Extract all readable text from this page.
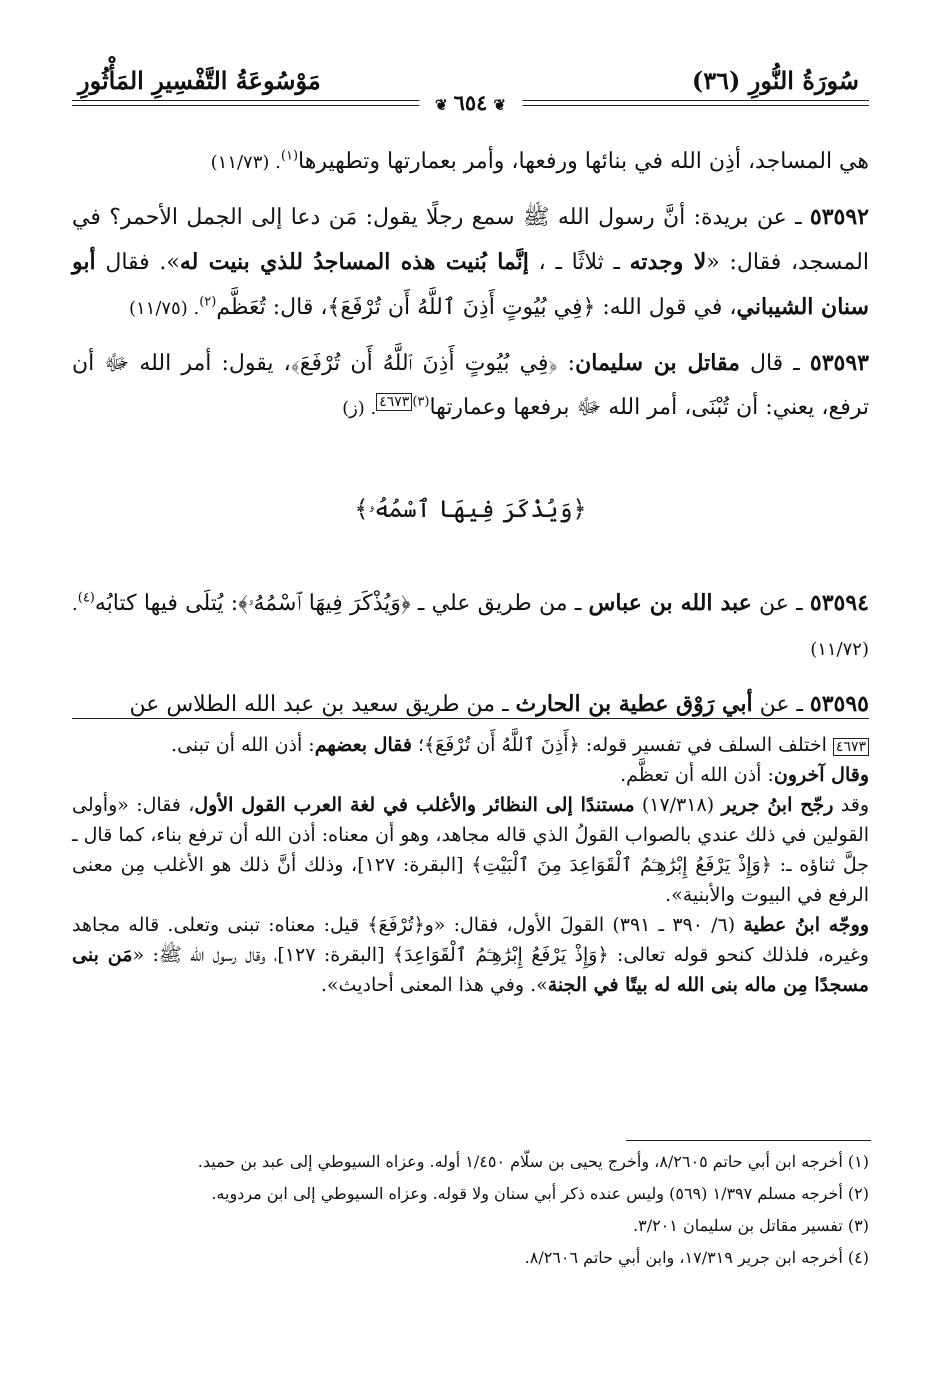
سُورَةُ النُّورِ (٣٦)
مَوْسُوعَةُ التَّفْسِيرِ المَأْثُورِ
❦٦٥٤❦

هي المساجد، أذِن الله في بنائها ورفعها، وأمر بعمارتها وتطهيرها$^{(١)}$. (١١/٧٣)

٥٣٥٩٢ ـ عن بريدة: أنَّ رسول الله ﷺ سمع رجلًا يقول: مَن دعا إلى الجمل الأحمر؟ في المسجد، فقال: «لا وجدته ـ ثلاثًا ـ ، إنَّما بُنيت هذه المساجدُ للذي بنيت له». فقال أبو سنان الشيباني، في قول الله: ﴿فِي بُيُوتٍ أَذِنَ ٱللَّهُ أَن تُرْفَعَ﴾، قال: تُعَظَّم$^{(٢)}$. (١١/٧٥)

٥٣٥٩٣ ـ قال مقاتل بن سليمان: ﴿فِي بُيُوتٍ أَذِنَ ٱللَّهُ أَن تُرْفَعَ﴾، يقول: أمر الله ﷻ أن ترفع، يعني: أن تُبْنَى، أمر الله ﷻ برفعها وعمارتها$^{(٣)}$٤٦٧٣. (ز)

﴿وَيُذْكَرَ فِيهَا ٱسْمُهُۥ﴾

٥٣٥٩٤ ـ عن عبد الله بن عباس ـ من طريق علي ـ ﴿وَيُذْكَرَ فِيهَا ٱسْمُهُۥ﴾: يُتلَى فيها كتابُه$^{(٤)}$. (١١/٧٢)

٥٣٥٩٥ ـ عن أبي رَوْق عطية بن الحارث ـ من طريق سعيد بن عبد الله الطلاس عن

٤٦٧٣ اختلف السلف في تفسير قوله: ﴿أَذِنَ ٱللَّهُ أَن تُرْفَعَ﴾؛ فقال بعضهم: أذن الله أن تبنى.

وقال آخرون: أذن الله أن تعظَّم.

وقد رجّح ابنُ جرير (١٧/٣١٨) مستندًا إلى النظائر والأغلب في لغة العرب القول الأول، فقال: «وأولى القولين في ذلك عندي بالصواب القولُ الذي قاله مجاهد، وهو أن معناه: أذن الله أن ترفع بناء، كما قال ـ جلَّ ثناؤه ـ: ﴿وَإِذْ يَرْفَعُ إِبْرَٰهِـۧمُ ٱلْقَوَاعِدَ مِنَ ٱلْبَيْتِ﴾ [البقرة: ١٢٧]، وذلك أنَّ ذلك هو الأغلب مِن معنى الرفع في البيوت والأبنية».

ووجّه ابنُ عطية (٦/ ٣٩٠ ـ ٣٩١) القولَ الأول، فقال: «و﴿تُرْفَعَ﴾ قيل: معناه: تبنى وتعلى. قاله مجاهد وغيره، فلذلك كنحو قوله تعالى: ﴿وَإِذْ يَرْفَعُ إِبْرَٰهِـۧمُ ٱلْقَوَاعِدَ﴾ [البقرة: ١٢٧]، وقال رسول الله ﷺ: «مَن بنى مسجدًا مِن ماله بنى الله له بيتًا في الجنة». وفي هذا المعنى أحاديث».

(١) أخرجه ابن أبي حاتم ٨/٢٦٠٥، وأخرج يحيى بن سلّام ١/٤٥٠ أوله. وعزاه السيوطي إلى عبد بن حميد.

(٢) أخرجه مسلم ١/٣٩٧ (٥٦٩) وليس عنده ذكر أبي سنان ولا قوله. وعزاه السيوطي إلى ابن مردويه.

(٣) تفسير مقاتل بن سليمان ٣/٢٠١.

(٤) أخرجه ابن جرير ١٧/٣١٩، وابن أبي حاتم ٨/٢٦٠٦.
